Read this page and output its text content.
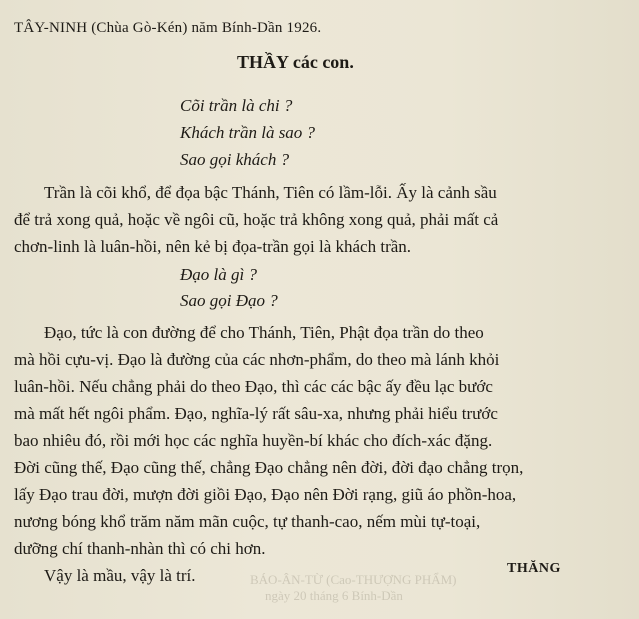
BÁO-ÂN-TỪ (Cao-THƯỢNG PHẨM)
ngày 20 tháng 6 Bính-Dần
TÂY-NINH (Chùa Gò-Kén) năm Bính-Dần 1926.
THẦY các con.
Cõi trần là chi ?
Khách trần là sao ?
Sao gọi khách ?
Trần là cõi khổ, để đọa bậc Thánh, Tiên có lầm-lỗi. Ấy là cảnh sầu
để trả xong quả, hoặc về ngôi cũ, hoặc trả không xong quả, phải mất cả
chơn-linh là luân-hồi, nên kẻ bị đọa-trần gọi là khách trần.
Đạo là gì ?
Sao gọi Đạo ?
Đạo, tức là con đường để cho Thánh, Tiên, Phật đọa trần do theo
mà hồi cựu-vị. Đạo là đường của các nhơn-phẩm, do theo mà lánh khỏi
luân-hồi. Nếu chẳng phải do theo Đạo, thì các các bậc ấy đều lạc bước
mà mất hết ngôi phẩm. Đạo, nghĩa-lý rất sâu-xa, nhưng phải hiểu trước
bao nhiêu đó, rồi mới học các nghĩa huyền-bí khác cho đích-xác đặng.
Đời cũng thế, Đạo cũng thế, chẳng Đạo chẳng nên đời, đời đạo chẳng trọn,
lấy Đạo trau đời, mượn đời giồi Đạo, Đạo nên Đời rạng, giũ áo phồn-hoa,
nương bóng khổ trăm năm mãn cuộc, tự thanh-cao, nếm mùi tự-toại,
dưỡng chí thanh-nhàn thì có chi hơn.
Vậy là mầu, vậy là trí.	THĂNG
